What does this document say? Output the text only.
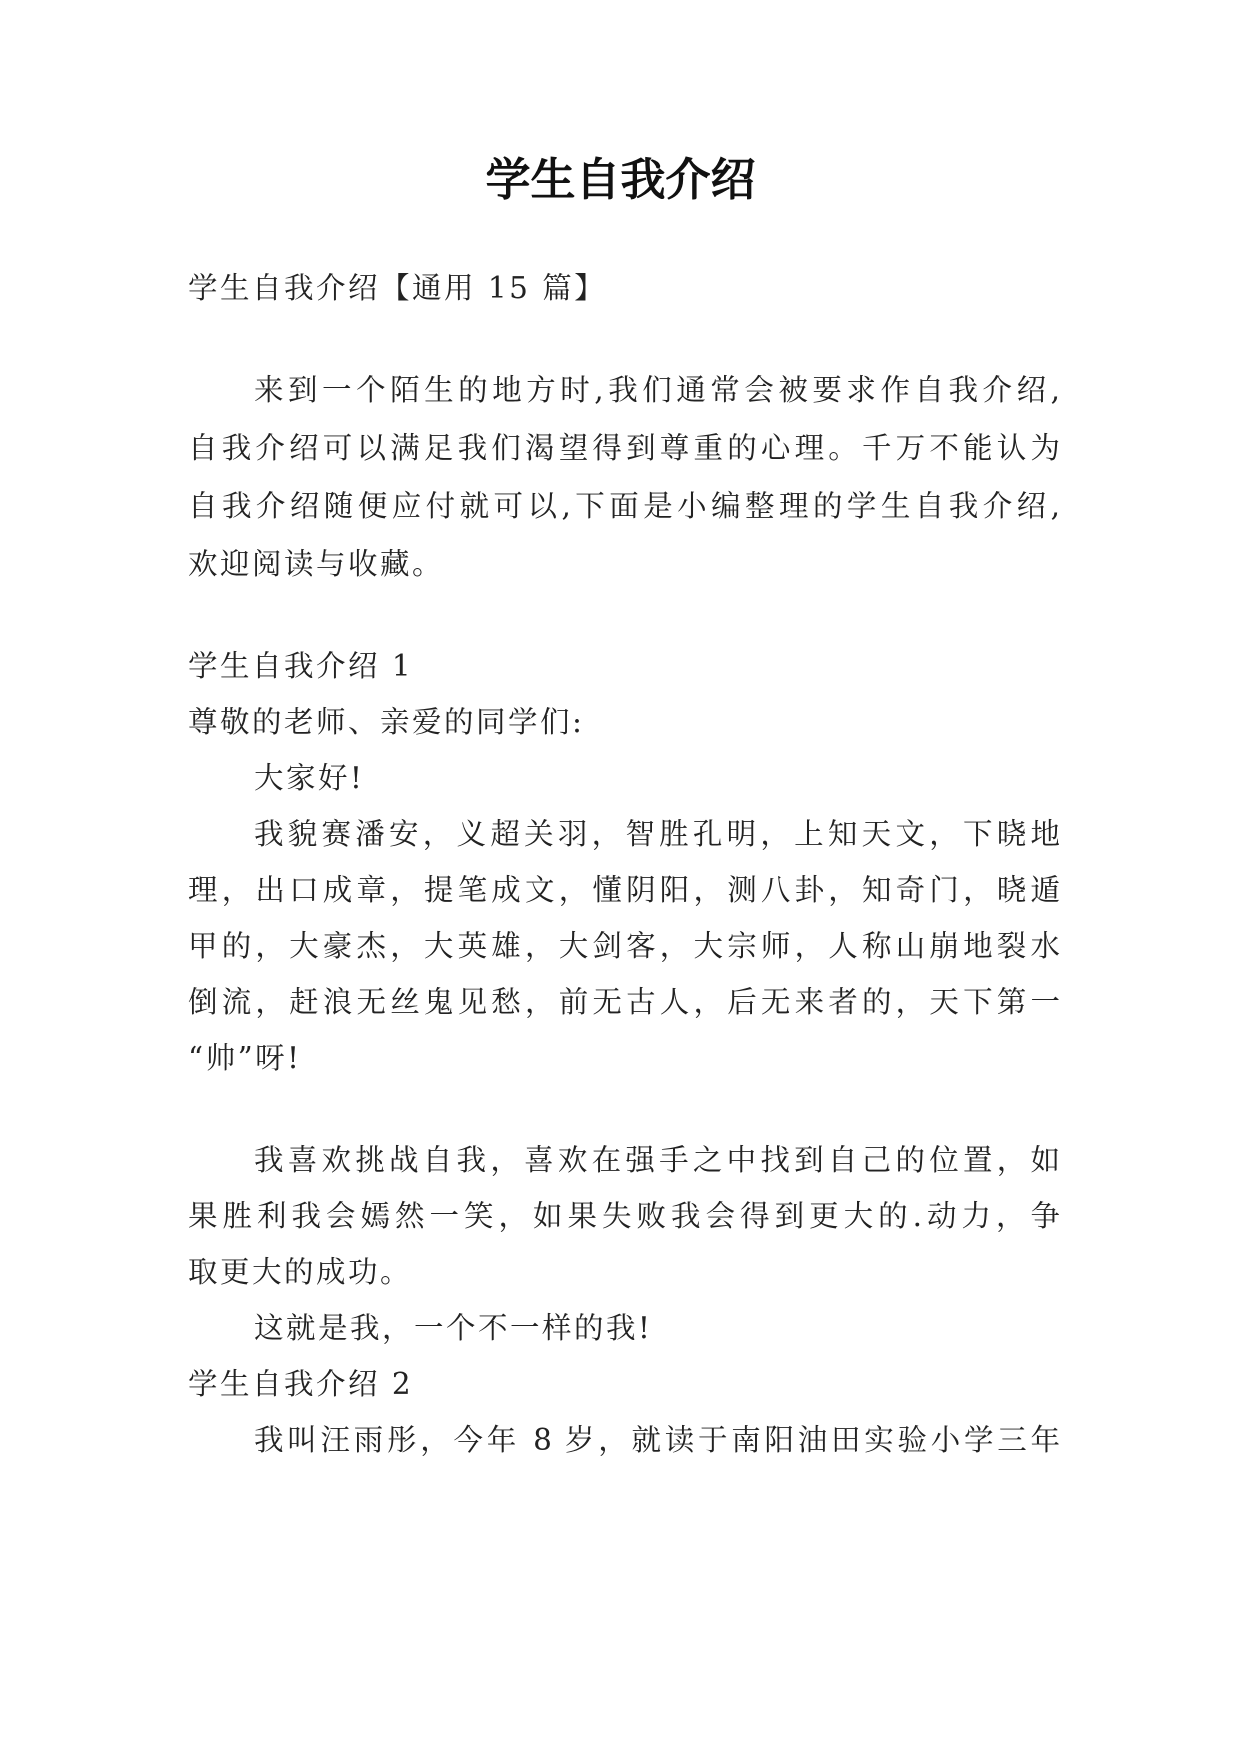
学生自我介绍
学生自我介绍【通用 15 篇】
来到一个陌生的地方时,我们通常会被要求作自我介绍,
自我介绍可以满足我们渴望得到尊重的心理。千万不能认为
自我介绍随便应付就可以,下面是小编整理的学生自我介绍,
欢迎阅读与收藏。
学生自我介绍 1
尊敬的老师、亲爱的同学们:
大家好!
我貌赛潘安，义超关羽，智胜孔明，上知天文，下晓地
理，出口成章，提笔成文，懂阴阳，测八卦，知奇门，晓遁
甲的，大豪杰，大英雄，大剑客，大宗师，人称山崩地裂水
倒流，赶浪无丝鬼见愁，前无古人，后无来者的，天下第一
“帅”呀!
我喜欢挑战自我，喜欢在强手之中找到自己的位置，如
果胜利我会嫣然一笑，如果失败我会得到更大的.动力，争
取更大的成功。
这就是我，一个不一样的我!
学生自我介绍 2
我叫汪雨彤，今年 8 岁，就读于南阳油田实验小学三年
